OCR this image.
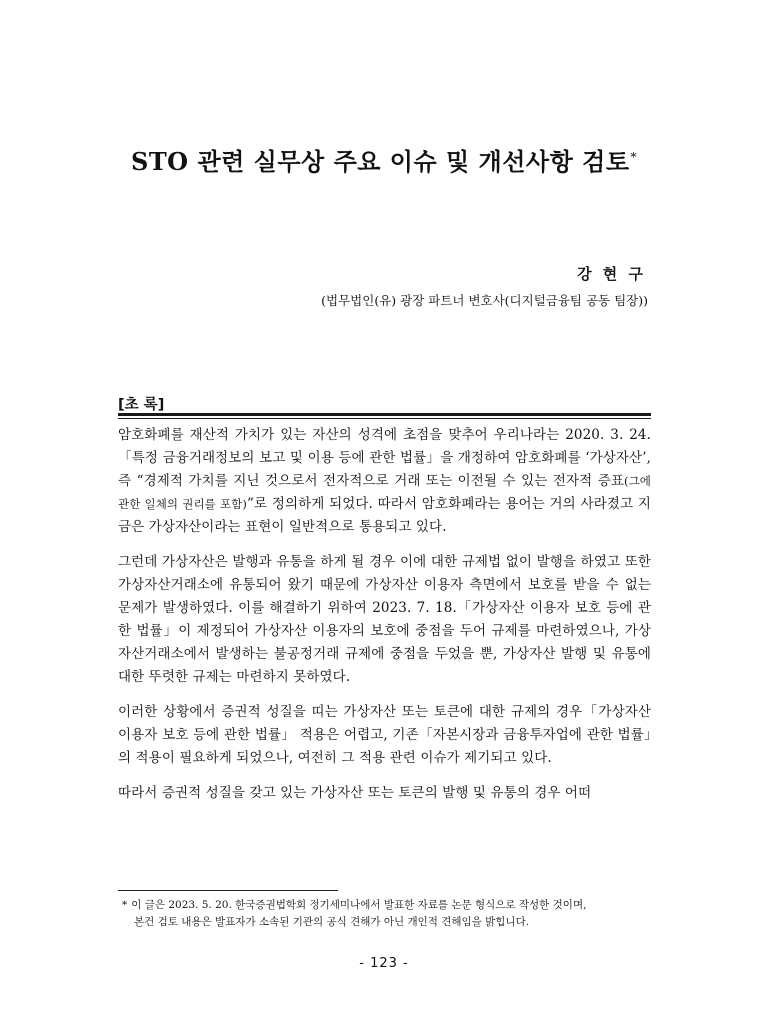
STO 관련 실무상 주요 이슈 및 개선사항 검토*
강 현 구
(법무법인(유) 광장 파트너 변호사(디지털금융팀 공동 팀장))
[초 록]

암호화폐를 재산적 가치가 있는 자산의 성격에 초점을 맞추어 우리나라는 2020. 3. 24.「특정 금융거래정보의 보고 및 이용 등에 관한 법률」을 개정하여 암호화폐를 ‘가상자산’, 즉 “경제적 가치를 지닌 것으로서 전자적으로 거래 또는 이전될 수 있는 전자적 증표(그에 관한 일체의 권리를 포함)”로 정의하게 되었다. 따라서 암호화폐라는 용어는 거의 사라졌고 지금은 가상자산이라는 표현이 일반적으로 통용되고 있다.

그런데 가상자산은 발행과 유통을 하게 될 경우 이에 대한 규제법 없이 발행을 하였고 또한 가상자산거래소에 유통되어 왔기 때문에 가상자산 이용자 측면에서 보호를 받을 수 없는 문제가 발생하였다. 이를 해결하기 위하여 2023. 7. 18.「가상자산 이용자 보호 등에 관한 법률」이 제정되어 가상자산 이용자의 보호에 중점을 두어 규제를 마련하였으나, 가상자산거래소에서 발생하는 불공정거래 규제에 중점을 두었을 뿐, 가상자산 발행 및 유통에 대한 뚜렷한 규제는 마련하지 못하였다.

이러한 상황에서 증권적 성질을 띠는 가상자산 또는 토큰에 대한 규제의 경우「가상자산 이용자 보호 등에 관한 법률」 적용은 어렵고, 기존「자본시장과 금융투자업에 관한 법률」의 적용이 필요하게 되었으나, 여전히 그 적용 관련 이슈가 제기되고 있다.

따라서 증권적 성질을 갖고 있는 가상자산 또는 토큰의 발행 및 유통의 경우 어떠

* 이 글은 2023. 5. 20. 한국증권법학회 정기세미나에서 발표한 자료를 논문 형식으로 작성한 것이며,
본건 검토 내용은 발표자가 소속된 기관의 공식 견해가 아닌 개인적 견해임을 밝힙니다.
- 123 -
